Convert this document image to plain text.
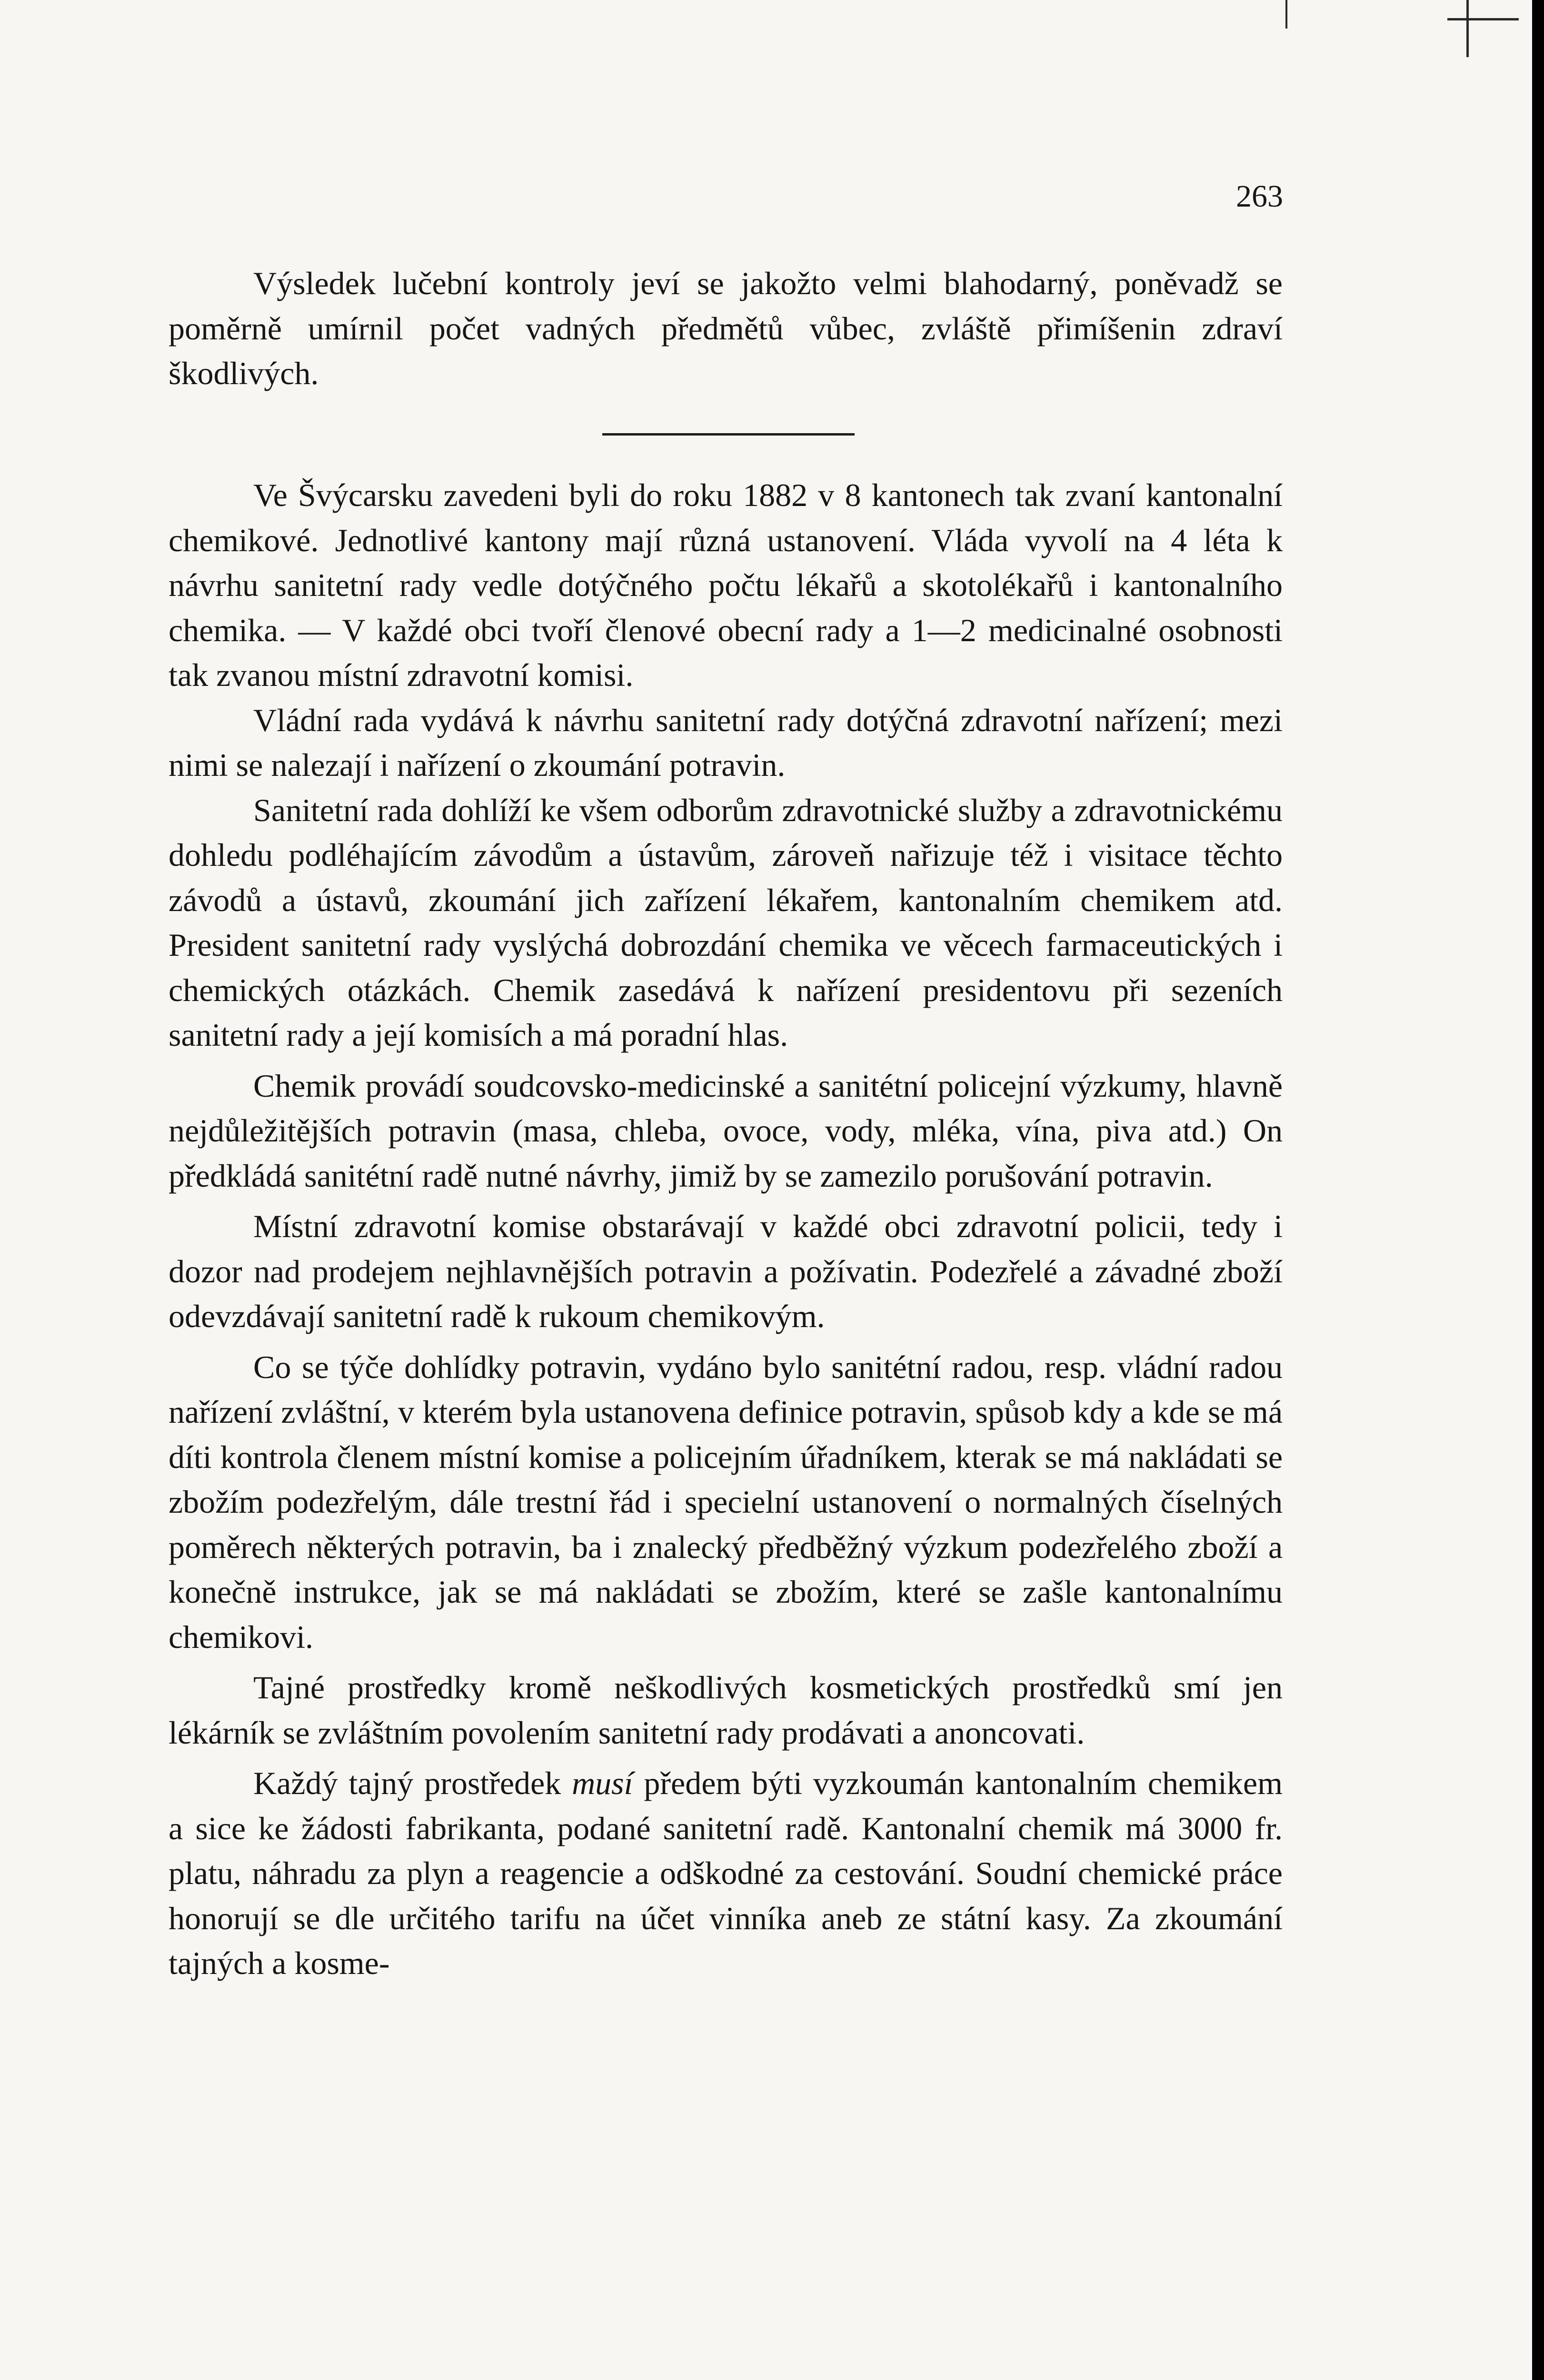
263

Výsledek lučební kontroly jeví se jakožto velmi blahodarný, poněvadž se poměrně umírnil počet vadných předmětů vůbec, zvláště přimíšenin zdraví škodlivých.

Ve Švýcarsku zavedeni byli do roku 1882 v 8 kantonech tak zvaní kantonalní chemikové. Jednotlivé kantony mají různá ustanovení. Vláda vyvolí na 4 léta k návrhu sanitetní rady vedle dotýčného počtu lékařů a skotolékařů i kantonalního chemika. — V každé obci tvoří členové obecní rady a 1—2 medicinalné osobnosti tak zvanou místní zdravotní komisi.

Vládní rada vydává k návrhu sanitetní rady dotýčná zdravotní nařízení; mezi nimi se nalezají i nařízení o zkoumání potravin.

Sanitetní rada dohlíží ke všem odborům zdravotnické služby a zdravotnickému dohledu podléhajícím závodům a ústavům, zároveň nařizuje též i visitace těchto závodů a ústavů, zkoumání jich zařízení lékařem, kantonalním chemikem atd. President sanitetní rady vyslýchá dobrozdání chemika ve věcech farmaceutických i chemických otázkách. Chemik zasedává k nařízení presidentovu při sezeních sanitetní rady a její komisích a má poradní hlas.

Chemik provádí soudcovsko-medicinské a sanitétní policejní výzkumy, hlavně nejdůležitějších potravin (masa, chleba, ovoce, vody, mléka, vína, piva atd.) On předkládá sanitétní radě nutné návrhy, jimiž by se zamezilo porušování potravin.

Místní zdravotní komise obstarávají v každé obci zdravotní policii, tedy i dozor nad prodejem nejhlavnějších potravin a požívatin. Podezřelé a závadné zboží odevzdávají sanitetní radě k rukoum chemikovým.

Co se týče dohlídky potravin, vydáno bylo sanitétní radou, resp. vládní radou nařízení zvláštní, v kterém byla ustanovena definice potravin, spůsob kdy a kde se má díti kontrola členem místní komise a policejním úřadníkem, kterak se má nakládati se zbožím podezřelým, dále trestní řád i specielní ustanovení o normalných číselných poměrech některých potravin, ba i znalecký předběžný výzkum podezřelého zboží a konečně instrukce, jak se má nakládati se zbožím, které se zašle kantonalnímu chemikovi.

Tajné prostředky kromě neškodlivých kosmetických prostředků smí jen lékárník se zvláštním povolením sanitetní rady prodávati a anoncovati.

Každý tajný prostředek musí předem býti vyzkoumán kantonalním chemikem a sice ke žádosti fabrikanta, podané sanitetní radě. Kantonalní chemik má 3000 fr. platu, náhradu za plyn a reagencie a odškodné za cestování. Soudní chemické práce honorují se dle určitého tarifu na účet vinníka aneb ze státní kasy. Za zkoumání tajných a kosme-
